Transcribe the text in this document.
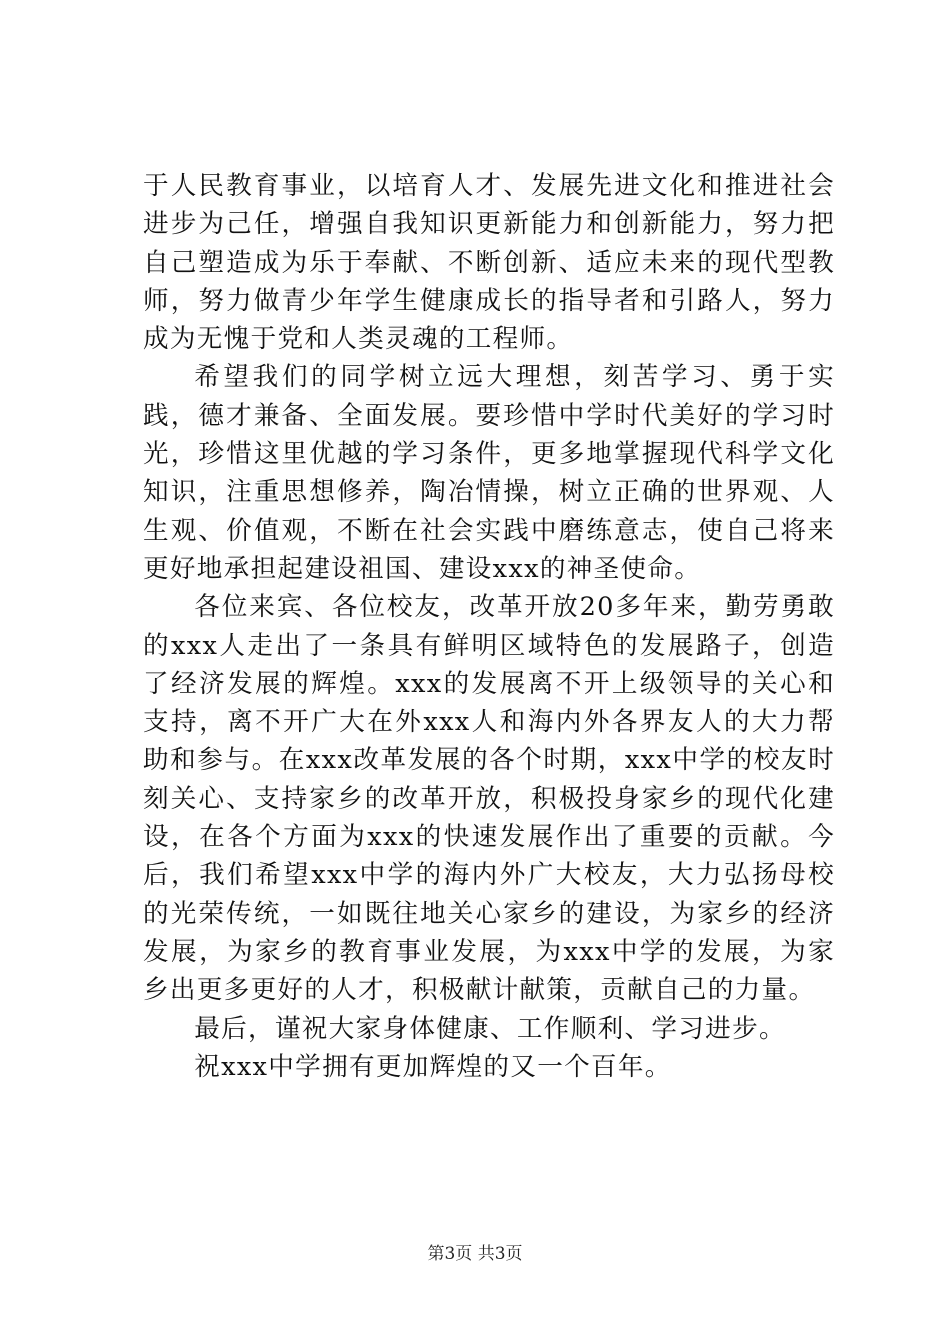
于人民教育事业，以培育人才、发展先进文化和推进社会进步为己任，增强自我知识更新能力和创新能力，努力把自己塑造成为乐于奉献、不断创新、适应未来的现代型教师，努力做青少年学生健康成长的指导者和引路人，努力成为无愧于党和人类灵魂的工程师。

希望我们的同学树立远大理想，刻苦学习、勇于实践，德才兼备、全面发展。要珍惜中学时代美好的学习时光，珍惜这里优越的学习条件，更多地掌握现代科学文化知识，注重思想修养，陶冶情操，树立正确的世界观、人生观、价值观，不断在社会实践中磨练意志，使自己将来更好地承担起建设祖国、建设xxx的神圣使命。

各位来宾、各位校友，改革开放20多年来，勤劳勇敢的xxx人走出了一条具有鲜明区域特色的发展路子，创造了经济发展的辉煌。xxx的发展离不开上级领导的关心和支持，离不开广大在外xxx人和海内外各界友人的大力帮助和参与。在xxx改革发展的各个时期，xxx中学的校友时刻关心、支持家乡的改革开放，积极投身家乡的现代化建设，在各个方面为xxx的快速发展作出了重要的贡献。今后，我们希望xxx中学的海内外广大校友，大力弘扬母校的光荣传统，一如既往地关心家乡的建设，为家乡的经济发展，为家乡的教育事业发展，为xxx中学的发展，为家乡出更多更好的人才，积极献计献策，贡献自己的力量。

最后，谨祝大家身体健康、工作顺利、学习进步。

祝xxx中学拥有更加辉煌的又一个百年。

第3页 共3页
